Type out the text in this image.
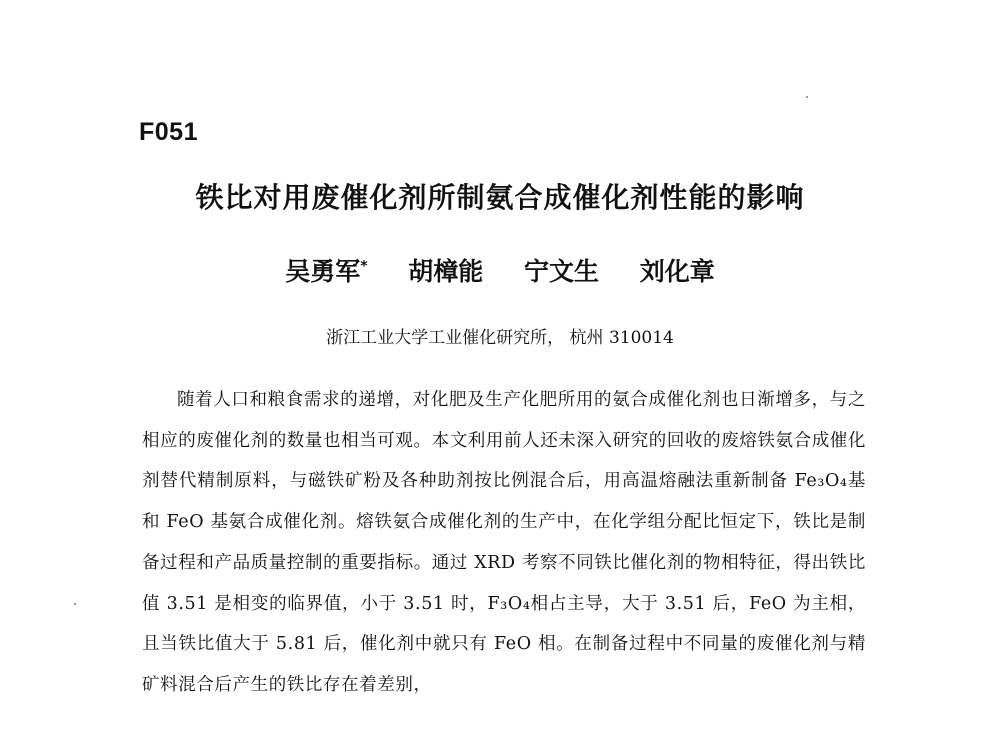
F051
铁比对用废催化剂所制氨合成催化剂性能的影响
吴勇军* 胡樟能 宁文生 刘化章
浙江工业大学工业催化研究所， 杭州 310014
随着人口和粮食需求的递增，对化肥及生产化肥所用的氨合成催化剂也日渐增多，与之相应的废催化剂的数量也相当可观。本文利用前人还未深入研究的回收的废熔铁氨合成催化剂替代精制原料，与磁铁矿粉及各种助剂按比例混合后，用高温熔融法重新制备 Fe₃O₄基和 FeO 基氨合成催化剂。熔铁氨合成催化剂的生产中，在化学组分配比恒定下，铁比是制备过程和产品质量控制的重要指标。通过 XRD 考察不同铁比催化剂的物相特征，得出铁比值 3.51 是相变的临界值，小于 3.51 时，F₃O₄相占主导，大于 3.51 后，FeO 为主相，且当铁比值大于 5.81 后，催化剂中就只有 FeO 相。在制备过程中不同量的废催化剂与精矿料混合后产生的铁比存在着差别，
